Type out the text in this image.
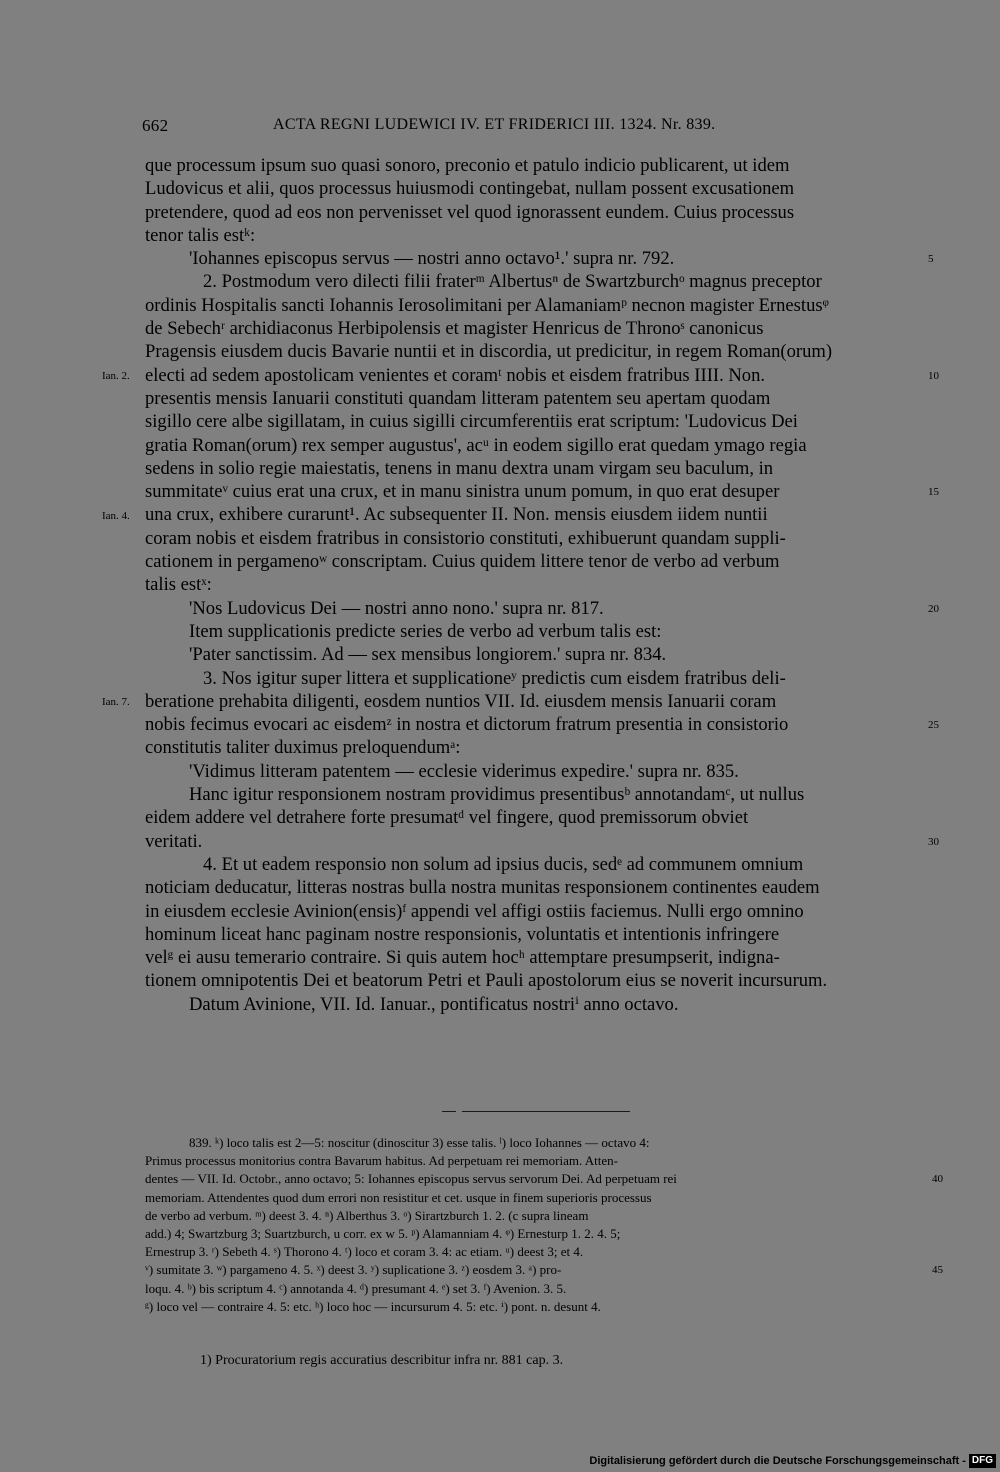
662	ACTA REGNI LUDEWICI IV. ET FRIDERICI III. 1324. Nr. 839.

que processum ipsum suo quasi sonoro, preconio et patulo indicio publicarent, ut idem

Ludovicus et alii, quos processus huiusmodi contingebat, nullam possent excusationem

pretendere, quod ad eos non pervenisset vel quod ignorassent eundem. Cuius processus

tenor talis estᵏ:

'Iohannes episcopus servus — nostri anno octavo¹.' supra nr. 792.

2. Postmodum vero dilecti filii fraterᵐ Albertusⁿ de Swartzburchᵒ magnus preceptor

ordinis Hospitalis sancti Iohannis Ierosolimitani per Alamaniamᵖ necnon magister Ernestusᵠ

de Sebechʳ archidiaconus Herbipolensis et magister Henricus de Thronoˢ canonicus

Pragensis eiusdem ducis Bavarie nuntii et in discordia, ut predicitur, in regem Roman(orum)

electi ad sedem apostolicam venientes et coramᵗ nobis et eisdem fratribus IIII. Non.

presentis mensis Ianuarii constituti quandam litteram patentem seu apertam quodam

sigillo cere albe sigillatam, in cuius sigilli circumferentiis erat scriptum: 'Ludovicus Dei

gratia Roman(orum) rex semper augustus', acᵘ in eodem sigillo erat quedam ymago regia

sedens in solio regie maiestatis, tenens in manu dextra unam virgam seu baculum, in

summitateᵛ cuius erat una crux, et in manu sinistra unum pomum, in quo erat desuper

una crux, exhibere curarunt¹. Ac subsequenter II. Non. mensis eiusdem iidem nuntii

coram nobis et eisdem fratribus in consistorio constituti, exhibuerunt quandam suppli-

cationem in pergamenoʷ conscriptam. Cuius quidem littere tenor de verbo ad verbum

talis estˣ:

'Nos Ludovicus Dei — nostri anno nono.' supra nr. 817.

Item supplicationis predicte series de verbo ad verbum talis est:

'Pater sanctissim. Ad — sex mensibus longiorem.' supra nr. 834.

3. Nos igitur super littera et supplicationeʸ predictis cum eisdem fratribus deli-

beratione prehabita diligenti, eosdem nuntios VII. Id. eiusdem mensis Ianuarii coram

nobis fecimus evocari ac eisdemᶻ in nostra et dictorum fratrum presentia in consistorio

constitutis taliter duximus preloquendumᵃ:

'Vidimus litteram patentem — ecclesie viderimus expedire.' supra nr. 835.

Hanc igitur responsionem nostram providimus presentibusᵇ annotandamᶜ, ut nullus

eidem addere vel detrahere forte presumatᵈ vel fingere, quod premissorum obviet

veritati.

4. Et ut eadem responsio non solum ad ipsius ducis, sedᵉ ad communem omnium

noticiam deducatur, litteras nostras bulla nostra munitas responsionem continentes eaudem

in eiusdem ecclesie Avinion(ensis)ᶠ appendi vel affigi ostiis faciemus. Nulli ergo omnino

hominum liceat hanc paginam nostre responsionis, voluntatis et intentionis infringere

velᵍ ei ausu temerario contraire. Si quis autem hocʰ attemptare presumpserit, indigna-

tionem omnipotentis Dei et beatorum Petri et Pauli apostolorum eius se noverit incursurum.

Datum Avinione, VII. Id. Ianuar., pontificatus nostriⁱ anno octavo.

Ian. 2.
Ian. 4.
Ian. 7.
5
10
15
20
25
30
40
45

839. ᵏ) loco talis est 2—5: noscitur (dinoscitur 3) esse talis. ˡ) loco Iohannes — octavo 4:

Primus processus monitorius contra Bavarum habitus. Ad perpetuam rei memoriam. Atten-

dentes — VII. Id. Octobr., anno octavo; 5: Iohannes episcopus servus servorum Dei. Ad perpetuam rei

memoriam. Attendentes quod dum errori non resistitur et cet. usque in finem superioris processus

de verbo ad verbum. ᵐ) deest 3. 4. ⁿ) Alberthus 3. ᵒ) Sirartzburch 1. 2. (c supra lineam

add.) 4; Swartzburg 3; Suartzburch, u corr. ex w 5. ᵖ) Alamanniam 4. ᵠ) Ernesturp 1. 2. 4. 5;

Ernestrup 3. ʳ) Sebeth 4. ˢ) Thorono 4. ᵗ) loco et coram 3. 4: ac etiam. ᵘ) deest 3; et 4.

ᵛ) sumitate 3. ʷ) pargameno 4. 5. ˣ) deest 3. ʸ) suplicatione 3. ᶻ) eosdem 3. ᵃ) pro-

loqu. 4. ᵇ) bis scriptum 4. ᶜ) annotanda 4. ᵈ) presumant 4. ᵉ) set 3. ᶠ) Avenion. 3. 5.

ᵍ) loco vel — contraire 4. 5: etc. ʰ) loco hoc — incursurum 4. 5: etc. ⁱ) pont. n. desunt 4.

1) Procuratorium regis accuratius describitur infra nr. 881 cap. 3.
Digitalisierung gefördert durch die Deutsche Forschungsgemeinschaft - DFG
